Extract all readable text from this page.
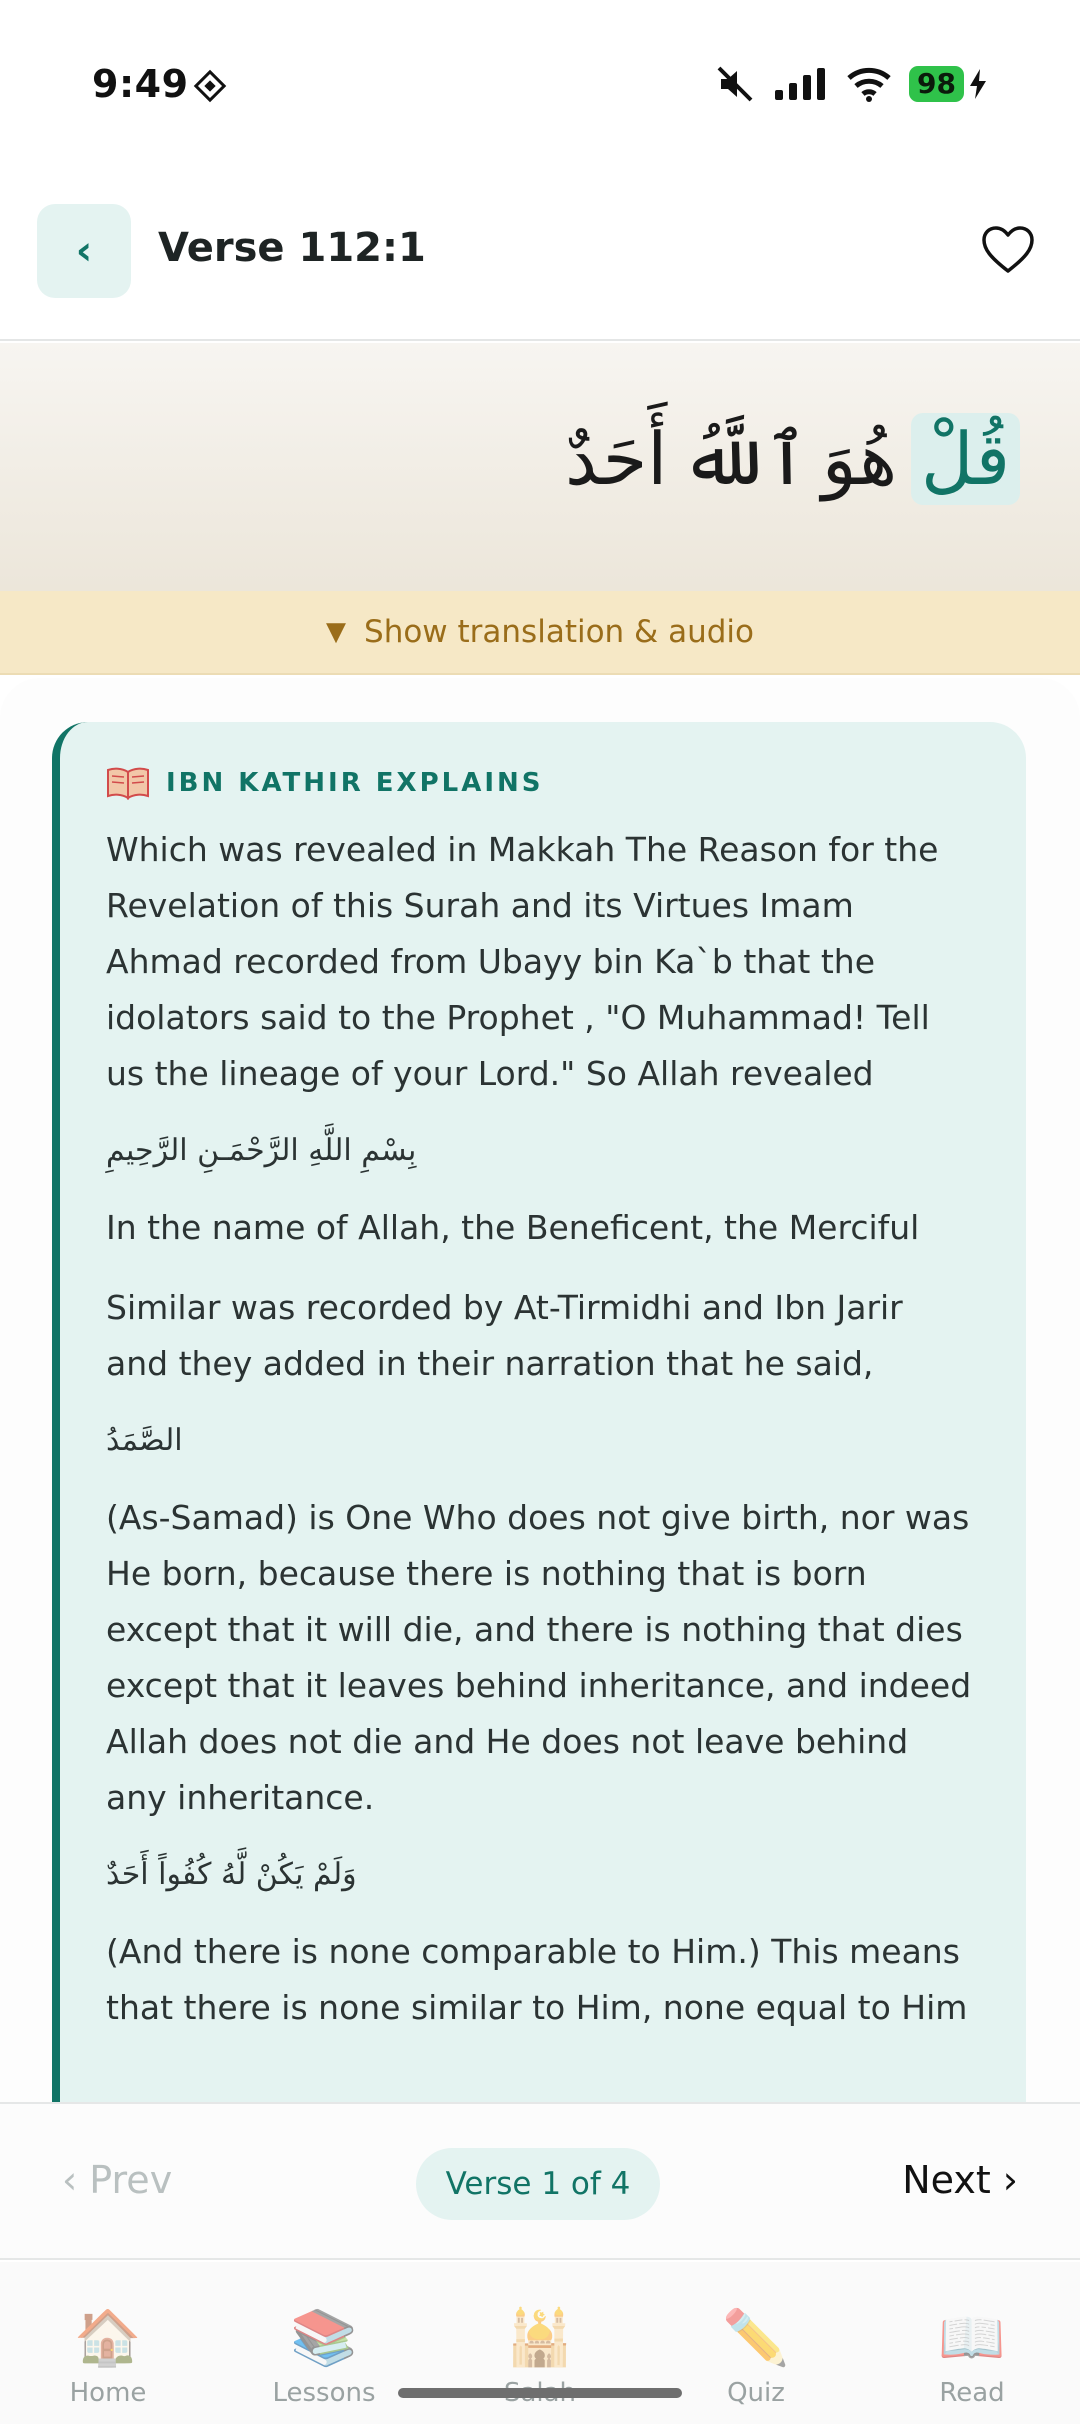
9:49	98
‹ Verse 112:1
قُلْ
هُوَ
ٱللَّهُ
أَحَدٌ
▼ Show translation & audio
IBN KATHIR EXPLAINS

Which was revealed in Makkah The Reason for the Revelation of this Surah and its Virtues Imam Ahmad recorded from Ubayy bin Ka`b that the idolators said to the Prophet , "O Muhammad! Tell us the lineage of your Lord." So Allah revealed

بِسْمِ اللَّهِ الرَّحْمَـنِ الرَّحِيمِ

In the name of Allah, the Beneficent, the Merciful

Similar was recorded by At-Tirmidhi and Ibn Jarir and they added in their narration that he said,

الصَّمَدُ

(As-Samad) is One Who does not give birth, nor was He born, because there is nothing that is born except that it will die, and there is nothing that dies except that it leaves behind inheritance, and indeed Allah does not die and He does not leave behind any inheritance.

وَلَمْ يَكُنْ لَّهُ كُفُواً أَحَدٌ

(And there is none comparable to Him.) This means that there is none similar to Him, none equal to Him

‹ Prev	Verse 1 of 4	Next ›
🏠
Home
📚
Lessons
🕌	✏️
Quiz
📖
Read
